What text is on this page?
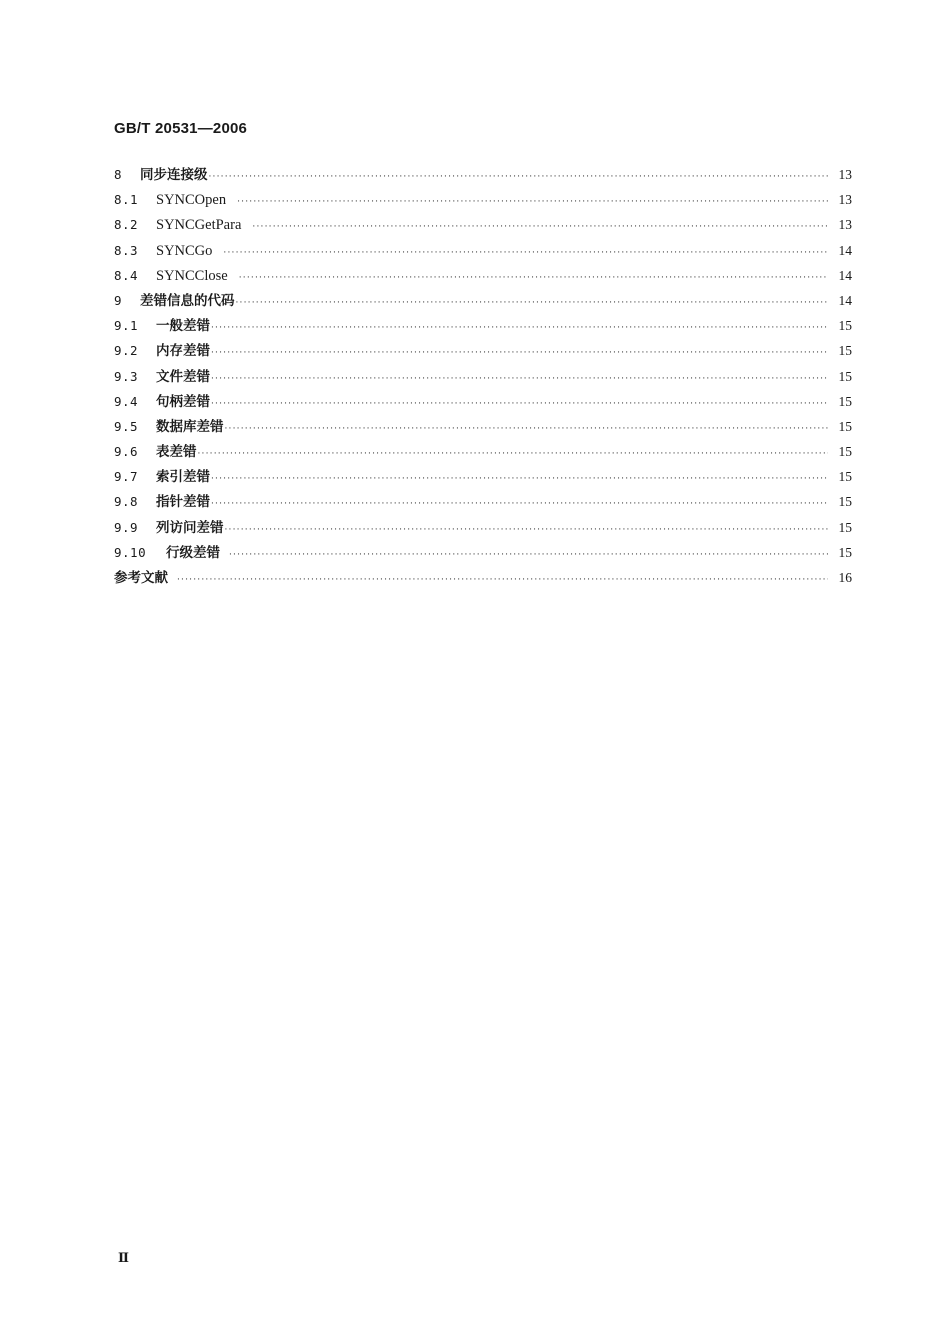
GB/T 20531—2006
8	同步连接级 ·····	13
8.1	SYNCOpen ·····	13
8.2	SYNCGetPara ·····	13
8.3	SYNCGo ·····	14
8.4	SYNCClose ·····	14
9	差错信息的代码 ·····	14
9.1	一般差错 ·····	15
9.2	内存差错 ·····	15
9.3	文件差错 ·····	15
9.4	句柄差错 ·····	15
9.5	数据库差错 ·····	15
9.6	表差错 ·····	15
9.7	索引差错 ·····	15
9.8	指针差错 ·····	15
9.9	列访问差错 ·····	15
9.10	行级差错 ·····	15
参考文献 ·····	16
Ⅱ
